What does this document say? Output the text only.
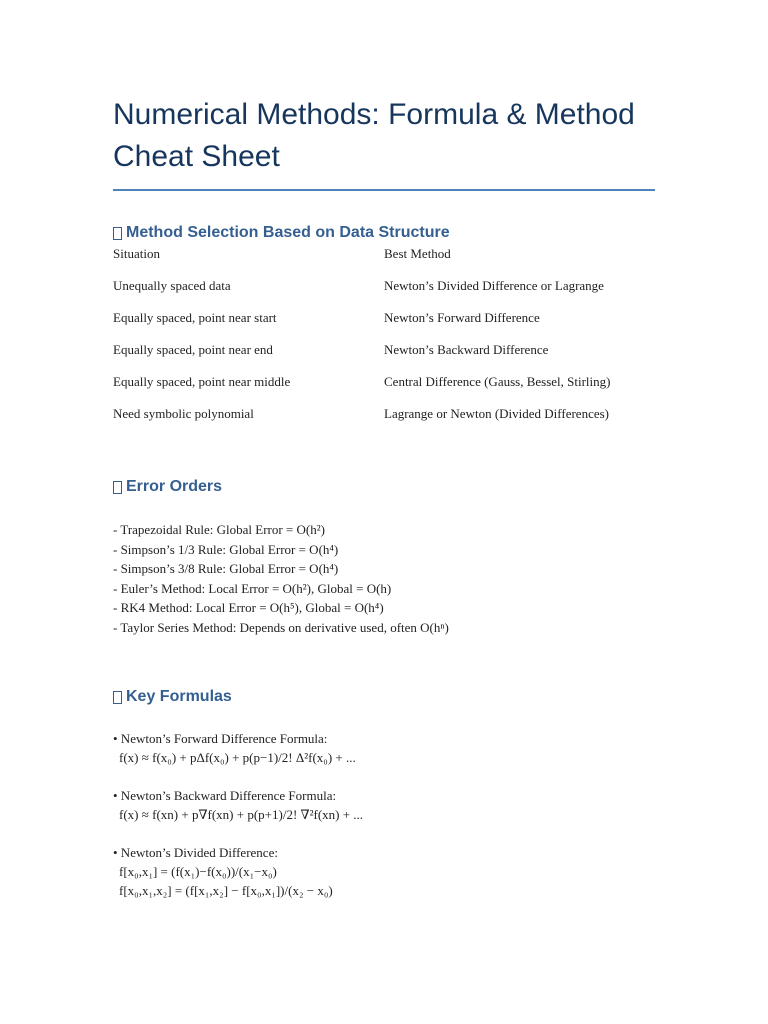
Numerical Methods: Formula & Method Cheat Sheet
Method Selection Based on Data Structure
Situation	Best Method
Unequally spaced data	Newton’s Divided Difference or Lagrange
Equally spaced, point near start	Newton’s Forward Difference
Equally spaced, point near end	Newton’s Backward Difference
Equally spaced, point near middle	Central Difference (Gauss, Bessel, Stirling)
Need symbolic polynomial	Lagrange or Newton (Divided Differences)
Error Orders
- Trapezoidal Rule: Global Error = O(h²)
- Simpson’s 1/3 Rule: Global Error = O(h⁴)
- Simpson’s 3/8 Rule: Global Error = O(h⁴)
- Euler’s Method: Local Error = O(h²), Global = O(h)
- RK4 Method: Local Error = O(h⁵), Global = O(h⁴)
- Taylor Series Method: Depends on derivative used, often O(hⁿ)
Key Formulas
• Newton’s Forward Difference Formula:
f(x) ≈ f(x₀) + pΔf(x₀) + p(p−1)/2! Δ²f(x₀) + ...
• Newton’s Backward Difference Formula:
f(x) ≈ f(xn) + p∇f(xn) + p(p+1)/2! ∇²f(xn) + ...
• Newton’s Divided Difference:
f[x₀,x₁] = (f(x₁)−f(x₀))/(x₁−x₀)
f[x₀,x₁,x₂] = (f[x₁,x₂] − f[x₀,x₁])/(x₂ − x₀)
